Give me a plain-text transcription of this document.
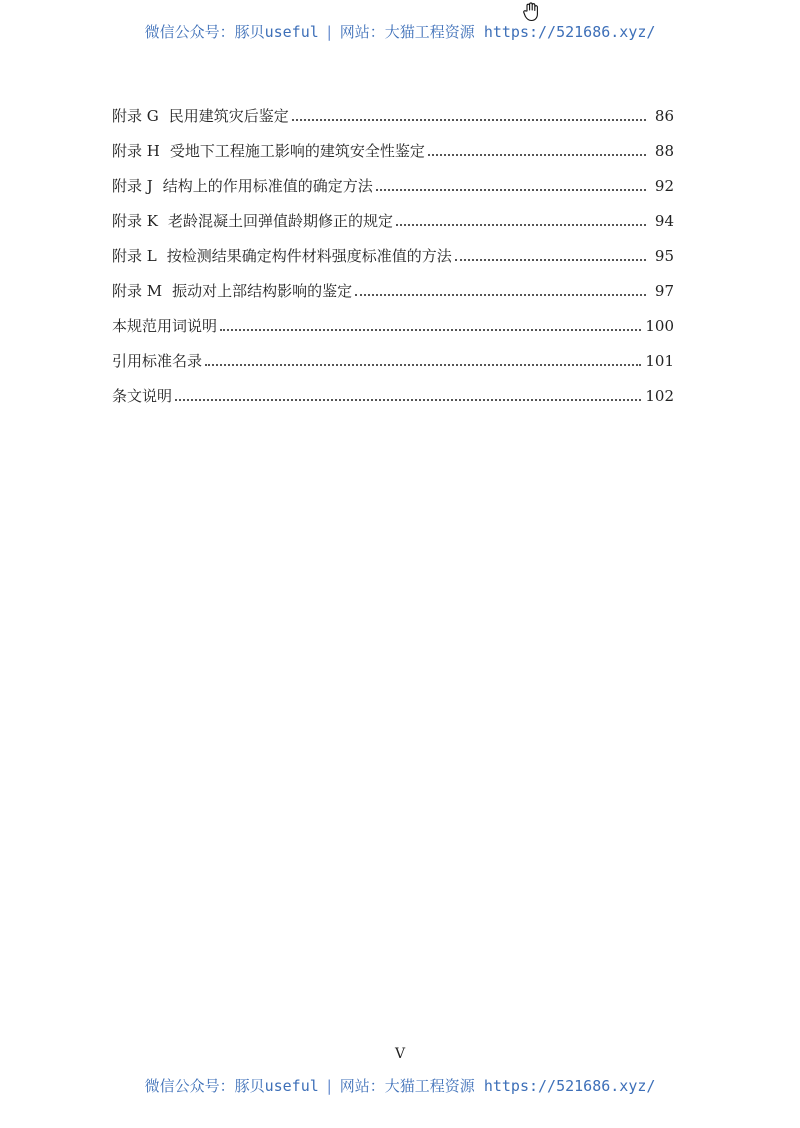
微信公众号：豚贝useful | 网站：大猫工程资源 https://521686.xyz/
附录 G 民用建筑灾后鉴定	86
附录 H 受地下工程施工影响的建筑安全性鉴定	88
附录 J 结构上的作用标准值的确定方法	92
附录 K 老龄混凝土回弹值龄期修正的规定	94
附录 L 按检测结果确定构件材料强度标准值的方法	95
附录 M 振动对上部结构影响的鉴定	97
本规范用词说明	100
引用标准名录	101
条文说明	102
V
微信公众号：豚贝useful | 网站：大猫工程资源 https://521686.xyz/
